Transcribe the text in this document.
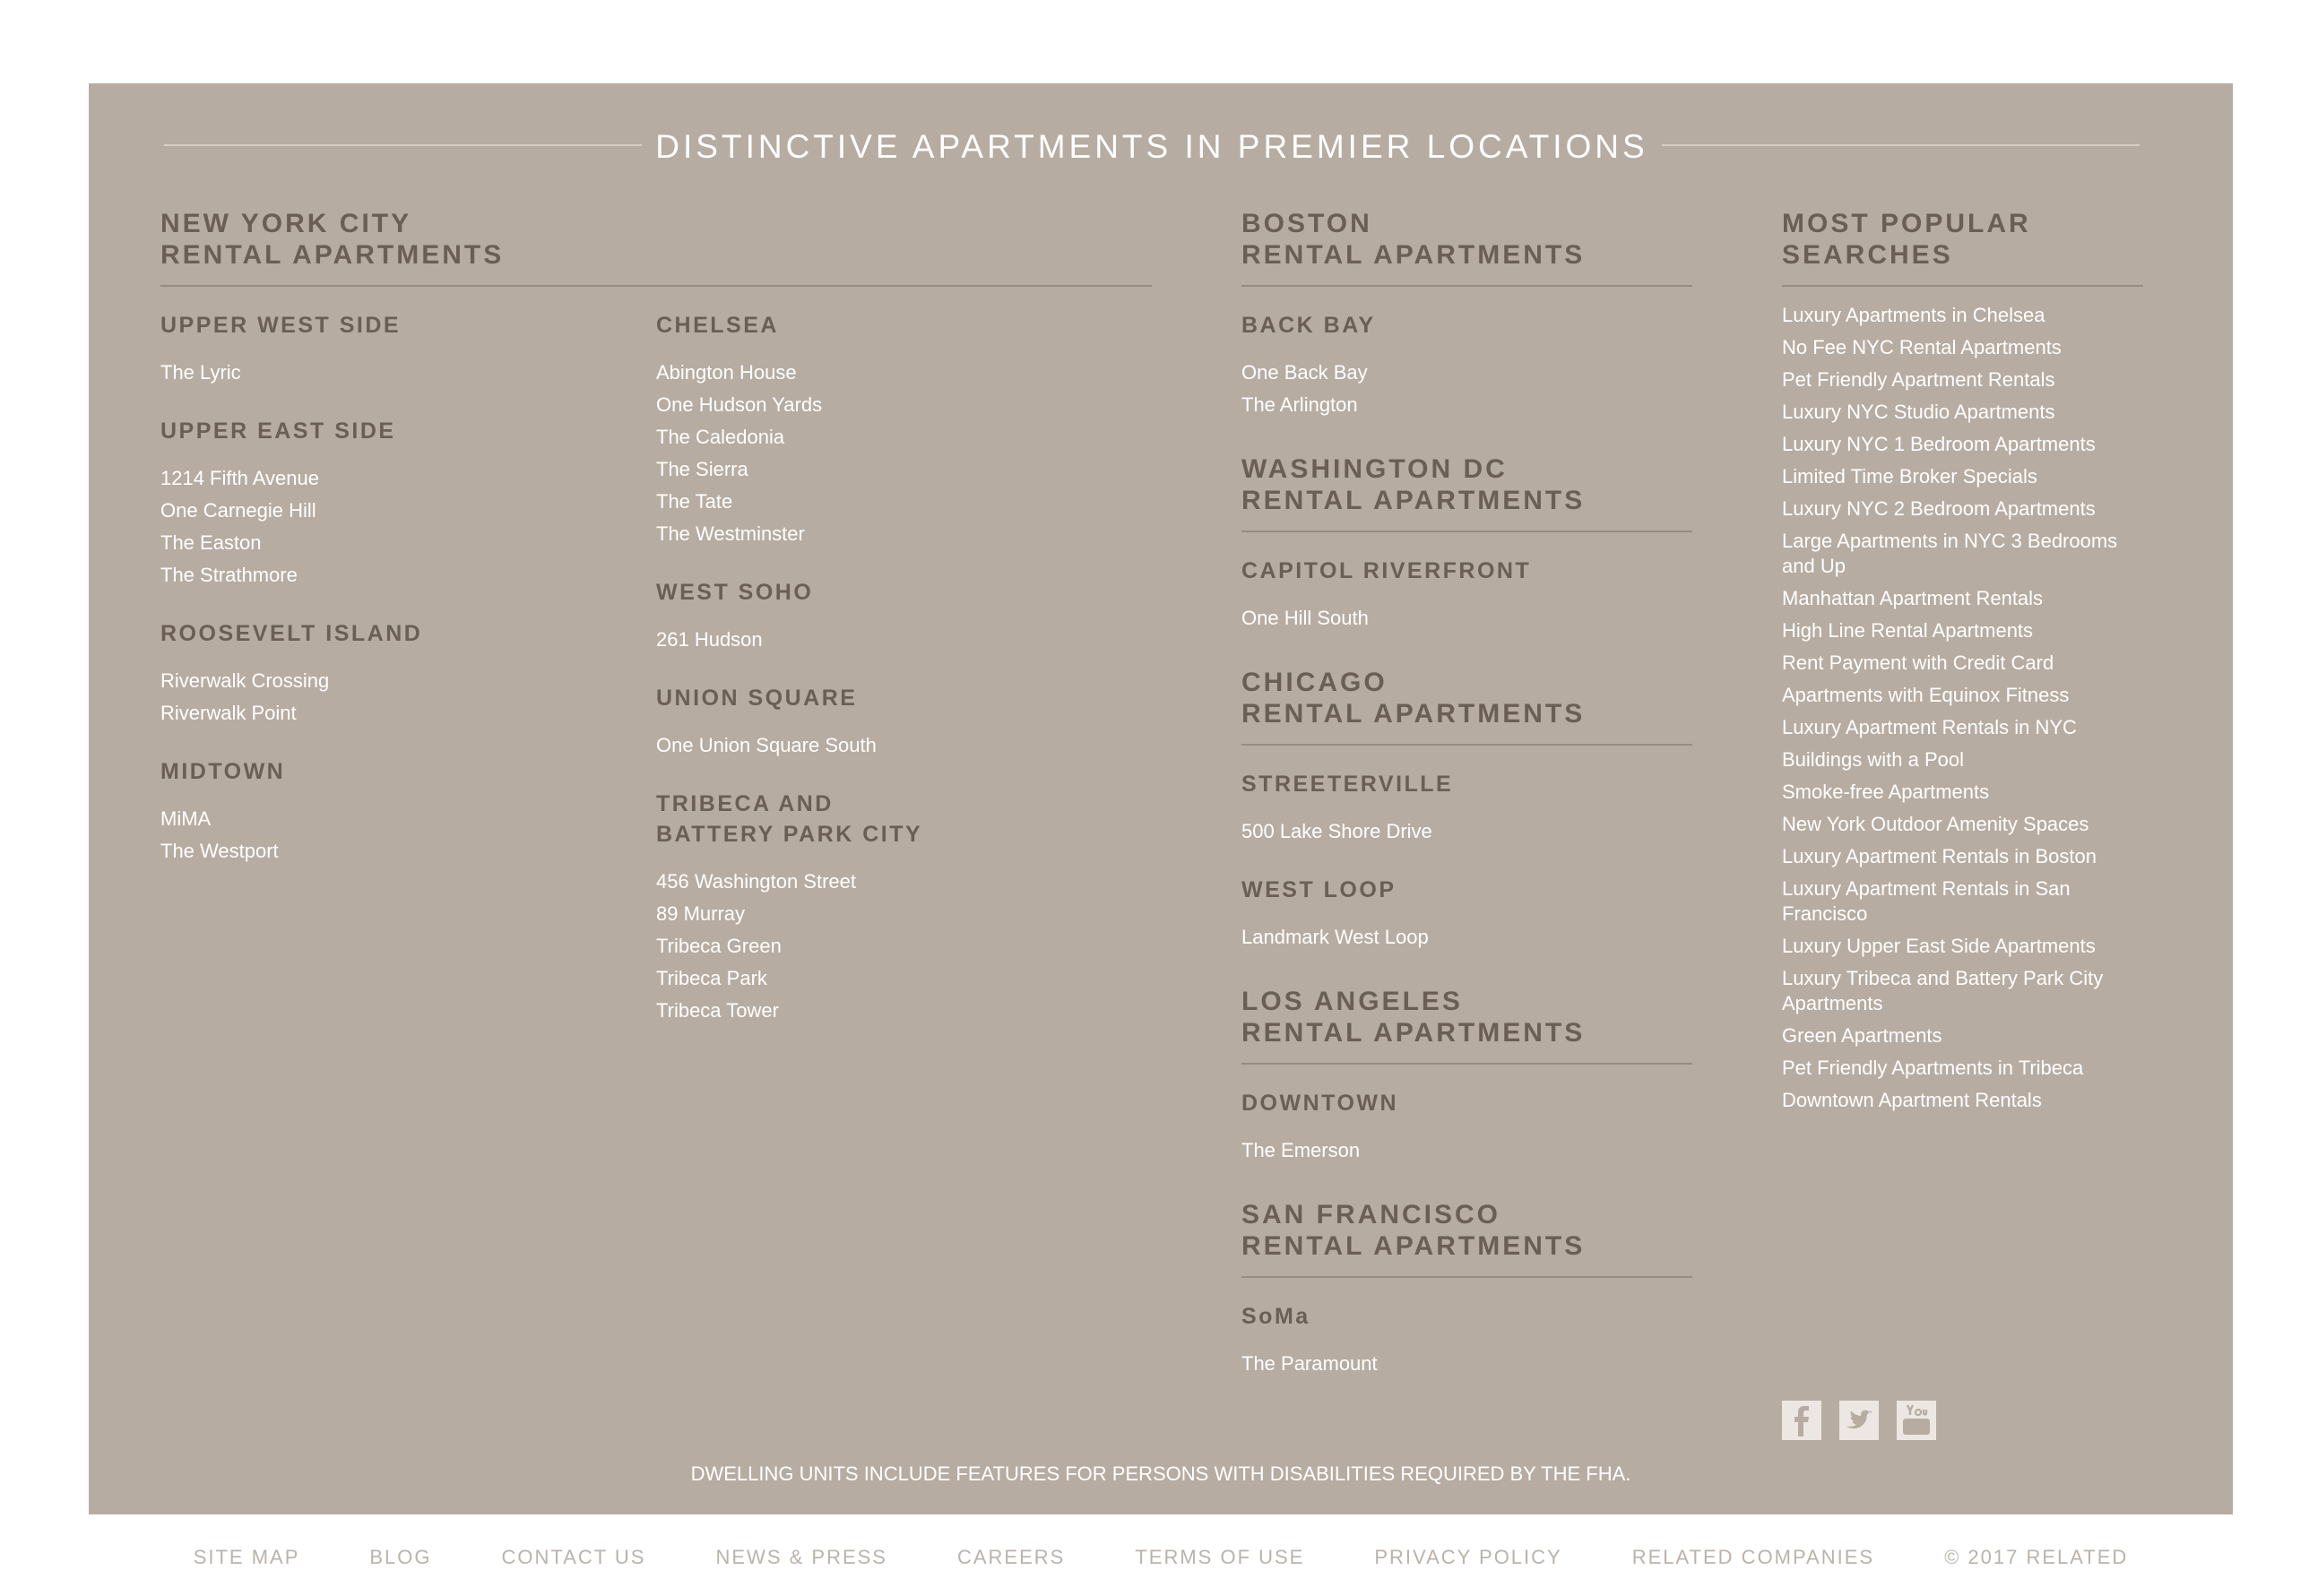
DISTINCTIVE APARTMENTS IN PREMIER LOCATIONS
NEW YORK CITY
RENTAL APARTMENTS
UPPER WEST SIDE
The Lyric
UPPER EAST SIDE
1214 Fifth Avenue
One Carnegie Hill
The Easton
The Strathmore
ROOSEVELT ISLAND
Riverwalk Crossing
Riverwalk Point
MIDTOWN
MiMA
The Westport
CHELSEA
Abington House
One Hudson Yards
The Caledonia
The Sierra
The Tate
The Westminster
WEST SOHO
261 Hudson
UNION SQUARE
One Union Square South
TRIBECA AND
BATTERY PARK CITY
456 Washington Street
89 Murray
Tribeca Green
Tribeca Park
Tribeca Tower
BOSTON
RENTAL APARTMENTS
BACK BAY
One Back Bay
The Arlington
WASHINGTON DC
RENTAL APARTMENTS
CAPITOL RIVERFRONT
One Hill South
CHICAGO
RENTAL APARTMENTS
STREETERVILLE
500 Lake Shore Drive
WEST LOOP
Landmark West Loop
LOS ANGELES
RENTAL APARTMENTS
DOWNTOWN
The Emerson
SAN FRANCISCO
RENTAL APARTMENTS
SoMa
The Paramount
MOST POPULAR
SEARCHES
Luxury Apartments in Chelsea
No Fee NYC Rental Apartments
Pet Friendly Apartment Rentals
Luxury NYC Studio Apartments
Luxury NYC 1 Bedroom Apartments
Limited Time Broker Specials
Luxury NYC 2 Bedroom Apartments
Large Apartments in NYC 3 Bedrooms and Up
Manhattan Apartment Rentals
High Line Rental Apartments
Rent Payment with Credit Card
Apartments with Equinox Fitness
Luxury Apartment Rentals in NYC
Buildings with a Pool
Smoke-free Apartments
New York Outdoor Amenity Spaces
Luxury Apartment Rentals in Boston
Luxury Apartment Rentals in San Francisco
Luxury Upper East Side Apartments
Luxury Tribeca and Battery Park City Apartments
Green Apartments
Pet Friendly Apartments in Tribeca
Downtown Apartment Rentals
DWELLING UNITS INCLUDE FEATURES FOR PERSONS WITH DISABILITIES REQUIRED BY THE FHA.
SITE MAP	BLOG	CONTACT US	NEWS & PRESS	CAREERS	TERMS OF USE	PRIVACY POLICY	RELATED COMPANIES	© 2017 RELATED
